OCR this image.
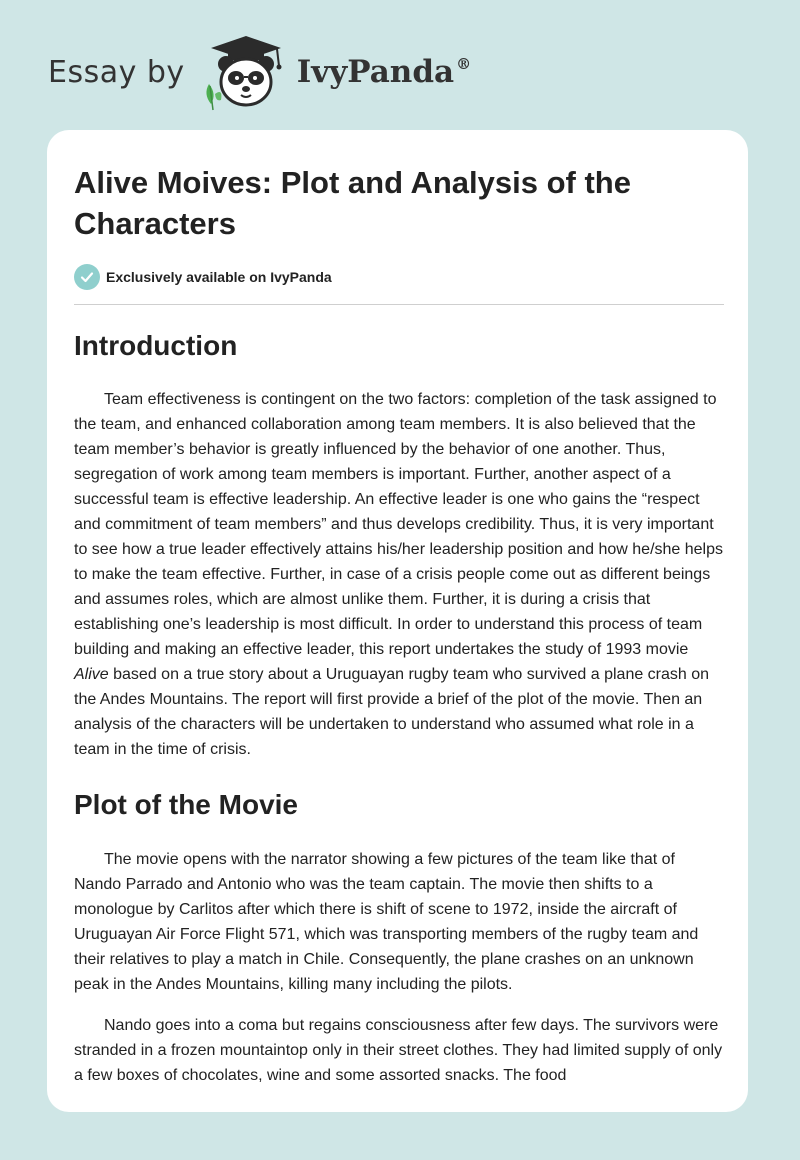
Essay by	IvyPanda ®
Alive Moives: Plot and Analysis of the Characters
Exclusively available on IvyPanda
Introduction

Team effectiveness is contingent on the two factors: completion of the task assigned to the team, and enhanced collaboration among team members. It is also believed that the team member’s behavior is greatly influenced by the behavior of one another. Thus, segregation of work among team members is important. Further, another aspect of a successful team is effective leadership. An effective leader is one who gains the “respect and commitment of team members” and thus develops credibility. Thus, it is very important to see how a true leader effectively attains his/her leadership position and how he/she helps to make the team effective. Further, in case of a crisis people come out as different beings and assumes roles, which are almost unlike them. Further, it is during a crisis that establishing one’s leadership is most difficult. In order to understand this process of team building and making an effective leader, this report undertakes the study of 1993 movie Alive based on a true story about a Uruguayan rugby team who survived a plane crash on the Andes Mountains. The report will first provide a brief of the plot of the movie. Then an analysis of the characters will be undertaken to understand who assumed what role in a team in the time of crisis.

Plot of the Movie

The movie opens with the narrator showing a few pictures of the team like that of Nando Parrado and Antonio who was the team captain. The movie then shifts to a monologue by Carlitos after which there is shift of scene to 1972, inside the aircraft of Uruguayan Air Force Flight 571, which was transporting members of the rugby team and their relatives to play a match in Chile. Consequently, the plane crashes on an unknown peak in the Andes Mountains, killing many including the pilots.

Nando goes into a coma but regains consciousness after few days. The survivors were stranded in a frozen mountaintop only in their street clothes. They had limited supply of only a few boxes of chocolates, wine and some assorted snacks. The food
